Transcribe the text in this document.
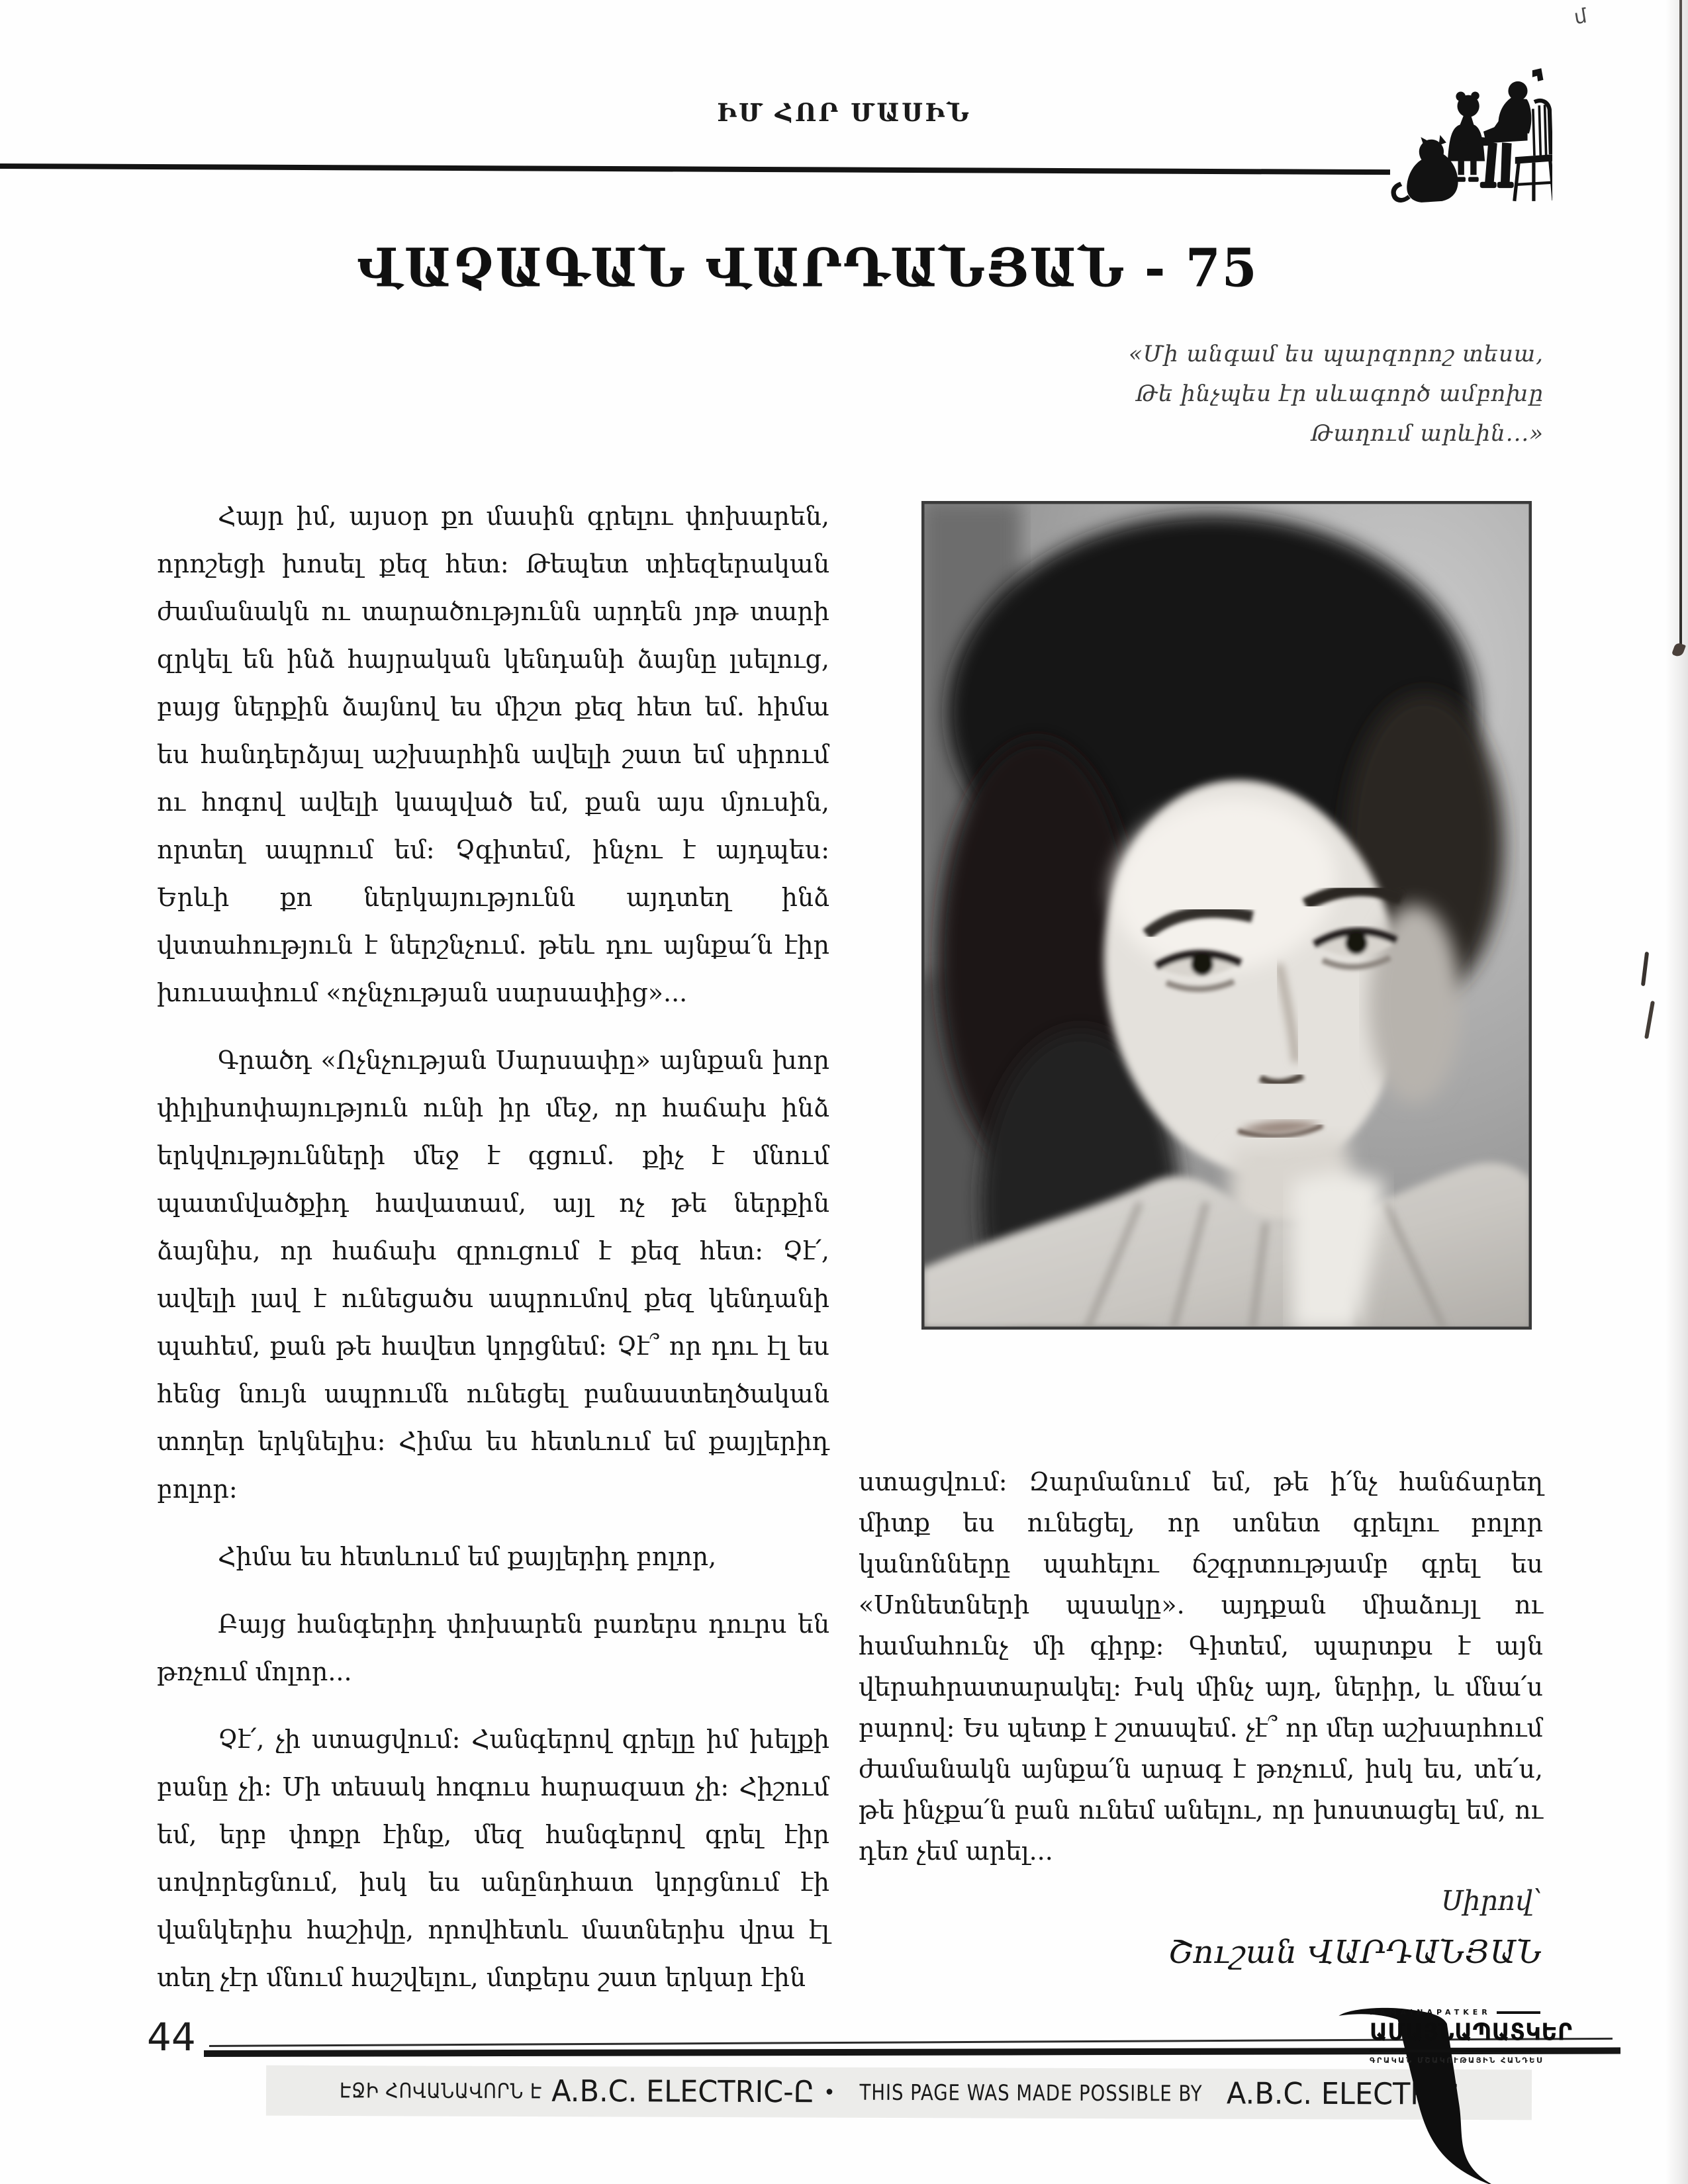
մ
ԻՄ ՀՈՐ ՄԱՍԻՆ
ՎԱՉԱԳԱՆ ՎԱՐԴԱՆՅԱՆ - 75
«Մի անգամ ես պարզորոշ տեսա,
Թե ինչպես էր սևագործ ամբոխը
Թաղում արևին...»

Հայր իմ, այսօր քո մասին գրելու փոխարեն, որոշեցի խոսել քեզ հետ: Թեպետ տիեզերական ժամանակն ու տարածությունն արդեն յոթ տարի զրկել են ինձ հայրական կենդանի ձայնը լսելուց, բայց ներքին ձայնով ես միշտ քեզ հետ եմ. հիմա ես հանդերձյալ աշխարհին ավելի շատ եմ սիրում ու հոգով ավելի կապված եմ, քան այս մյուսին, որտեղ ապրում եմ: Չգիտեմ, ինչու է այդպես: Երևի քո ներկայությունն այդտեղ ինձ վստահություն է ներշնչում. թեև դու այնքա՛ն էիր խուսափում «ոչնչության սարսափից»...

Գրածդ «Ոչնչության Սարսափը» այնքան խոր փիլիսոփայություն ունի իր մեջ, որ հաճախ ինձ երկվությունների մեջ է գցում. քիչ է մնում պատմվածքիդ հավատամ, այլ ոչ թե ներքին ձայնիս, որ հաճախ զրուցում է քեզ հետ: Չէ՛, ավելի լավ է ունեցածս ապրումով քեզ կենդանի պահեմ, քան թե հավետ կորցնեմ: Չէ՞ որ դու էլ ես հենց նույն ապրումն ունեցել բանաստեղծական տողեր երկնելիս: Հիմա ես հետևում եմ քայլերիդ բոլոր:

Հիմա ես հետևում եմ քայլերիդ բոլոր,

Բայց հանգերիդ փոխարեն բառերս դուրս են թռչում մոլոր...

Չէ՛, չի ստացվում: Հանգերով գրելը իմ խելքի բանը չի: Մի տեսակ հոգուս հարազատ չի: Հիշում եմ, երբ փոքր էինք, մեզ հանգերով գրել էիր սովորեցնում, իսկ ես անընդհատ կորցնում էի վանկերիս հաշիվը, որովհետև մատներիս վրա էլ տեղ չէր մնում հաշվելու, մտքերս շատ երկար էին

ստացվում: Զարմանում եմ, թե ի՛նչ հանճարեղ միտք ես ունեցել, որ սոնետ գրելու բոլոր կանոնները պահելու ճշգրտությամբ գրել ես «Սոնետների պսակը». այդքան միաձույլ ու համահունչ մի գիրք: Գիտեմ, պարտքս է այն վերահրատարակել: Իսկ մինչ այդ, ներիր, և մնա՛ս բարով: Ես պետք է շտապեմ. չէ՞ որ մեր աշխարհում ժամանակն այնքա՛ն արագ է թռչում, իսկ ես, տե՛ս, թե ինչքա՛ն բան ունեմ անելու, որ խոստացել եմ, ու դեռ չեմ արել...

Սիրով՝
Շուշան ՎԱՐԴԱՆՅԱՆ
44
ԷՋԻ ՀՈՎԱՆԱՎՈՐՆ Է A.B.C. ELECTRIC-Ը • THIS PAGE WAS MADE POSSIBLE BY A.B.C. ELECTRIC
HAMAINAPATKER
ԱՄԱՅՆԱՊԱՏԿԵՐ
ԳՐԱԿԱՆ ՄՇԱԿՈՒԹԱՅԻՆ ՀԱՆԴԵՍ
